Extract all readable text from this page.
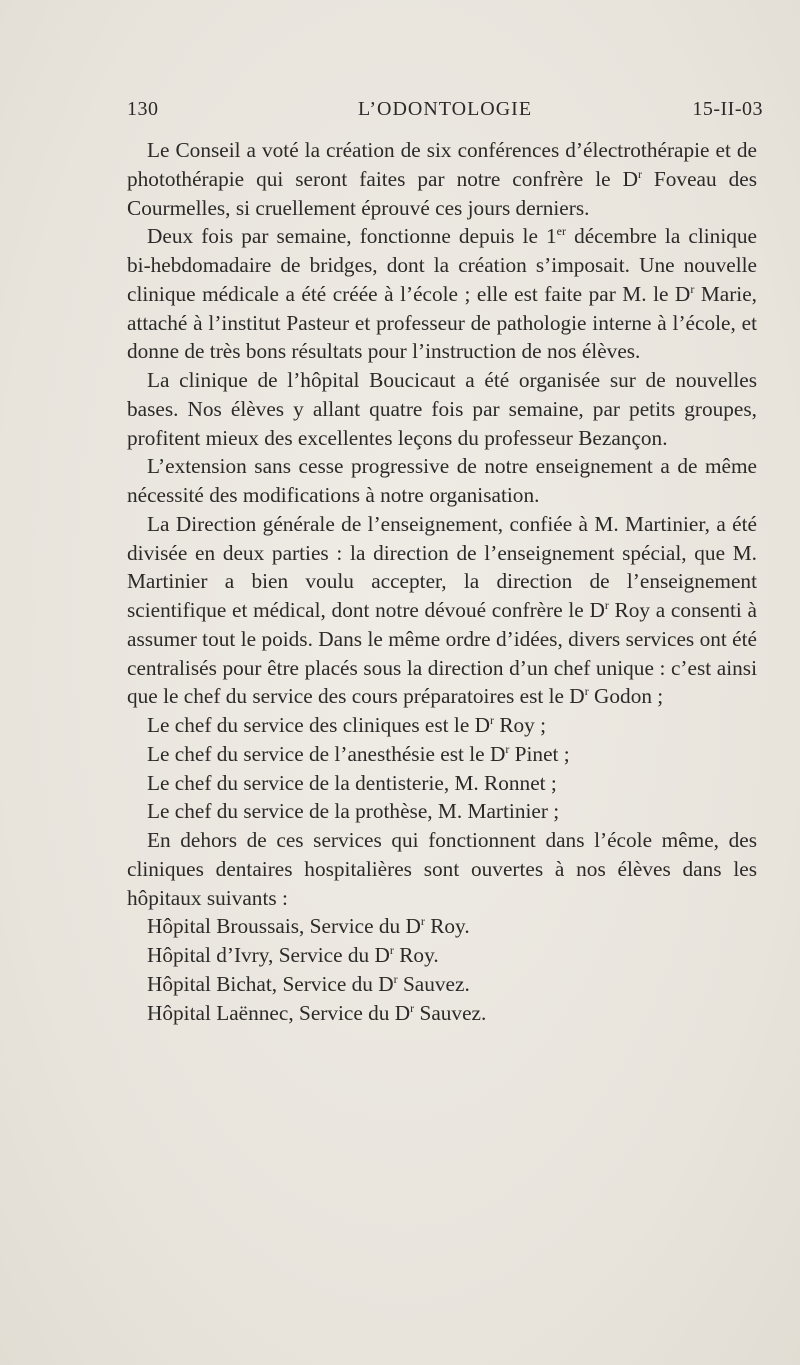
130	L’ODONTOLOGIE	15-II-03

Le Conseil a voté la création de six conférences d’électrothérapie et de photothérapie qui seront faites par notre confrère le $D^r$ Foveau des Courmelles, si cruellement éprouvé ces jours derniers.

Deux fois par semaine, fonctionne depuis le 1er décembre la clinique bi-hebdomadaire de bridges, dont la création s’imposait. Une nouvelle clinique médicale a été créée à l’école ; elle est faite par M. le $D^r$ Marie, attaché à l’institut Pasteur et professeur de pathologie interne à l’école, et donne de très bons résultats pour l’instruction de nos élèves.

La clinique de l’hôpital Boucicaut a été organisée sur de nouvelles bases. Nos élèves y allant quatre fois par semaine, par petits groupes, profitent mieux des excellentes leçons du professeur Bezançon.

L’extension sans cesse progressive de notre enseignement a de même nécessité des modifications à notre organisation.

La Direction générale de l’enseignement, confiée à M. Martinier, a été divisée en deux parties : la direction de l’enseignement spécial, que M. Martinier a bien voulu accepter, la direction de l’enseignement scientifique et médical, dont notre dévoué confrère le $D^r$ Roy a consenti à assumer tout le poids. Dans le même ordre d’idées, divers services ont été centralisés pour être placés sous la direction d’un chef unique : c’est ainsi que le chef du service des cours préparatoires est le $D^r$ Godon ;

Le chef du service des cliniques est le $D^r$ Roy ;

Le chef du service de l’anesthésie est le $D^r$ Pinet ;

Le chef du service de la dentisterie, M. Ronnet ;

Le chef du service de la prothèse, M. Martinier ;

En dehors de ces services qui fonctionnent dans l’école même, des cliniques dentaires hospitalières sont ouvertes à nos élèves dans les hôpitaux suivants :

Hôpital Broussais, Service du $D^r$ Roy.

Hôpital d’Ivry, Service du $D^r$ Roy.

Hôpital Bichat, Service du $D^r$ Sauvez.

Hôpital Laënnec, Service du $D^r$ Sauvez.
